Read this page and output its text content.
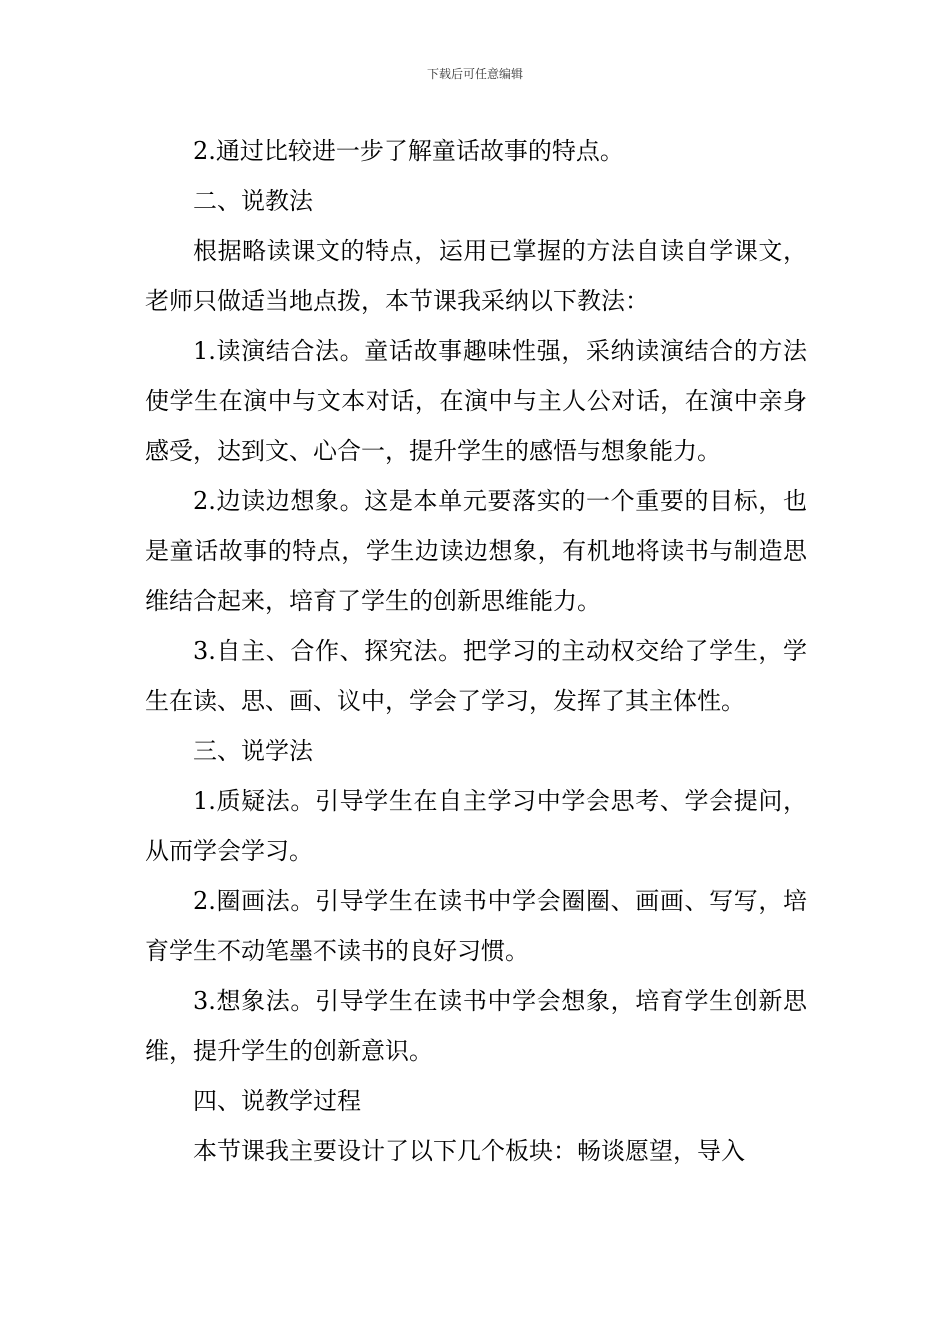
下载后可任意编辑

2.通过比较进一步了解童话故事的特点。

二、说教法

根据略读课文的特点，运用已掌握的方法自读自学课文，老师只做适当地点拨，本节课我采纳以下教法：

1.读演结合法。童话故事趣味性强，采纳读演结合的方法使学生在演中与文本对话，在演中与主人公对话，在演中亲身感受，达到文、心合一，提升学生的感悟与想象能力。

2.边读边想象。这是本单元要落实的一个重要的目标，也是童话故事的特点，学生边读边想象，有机地将读书与制造思维结合起来，培育了学生的创新思维能力。

3.自主、合作、探究法。把学习的主动权交给了学生，学生在读、思、画、议中，学会了学习，发挥了其主体性。

三、说学法

1.质疑法。引导学生在自主学习中学会思考、学会提问，从而学会学习。

2.圈画法。引导学生在读书中学会圈圈、画画、写写，培育学生不动笔墨不读书的良好习惯。

3.想象法。引导学生在读书中学会想象，培育学生创新思维，提升学生的创新意识。

四、说教学过程

本节课我主要设计了以下几个板块：畅谈愿望，导入
